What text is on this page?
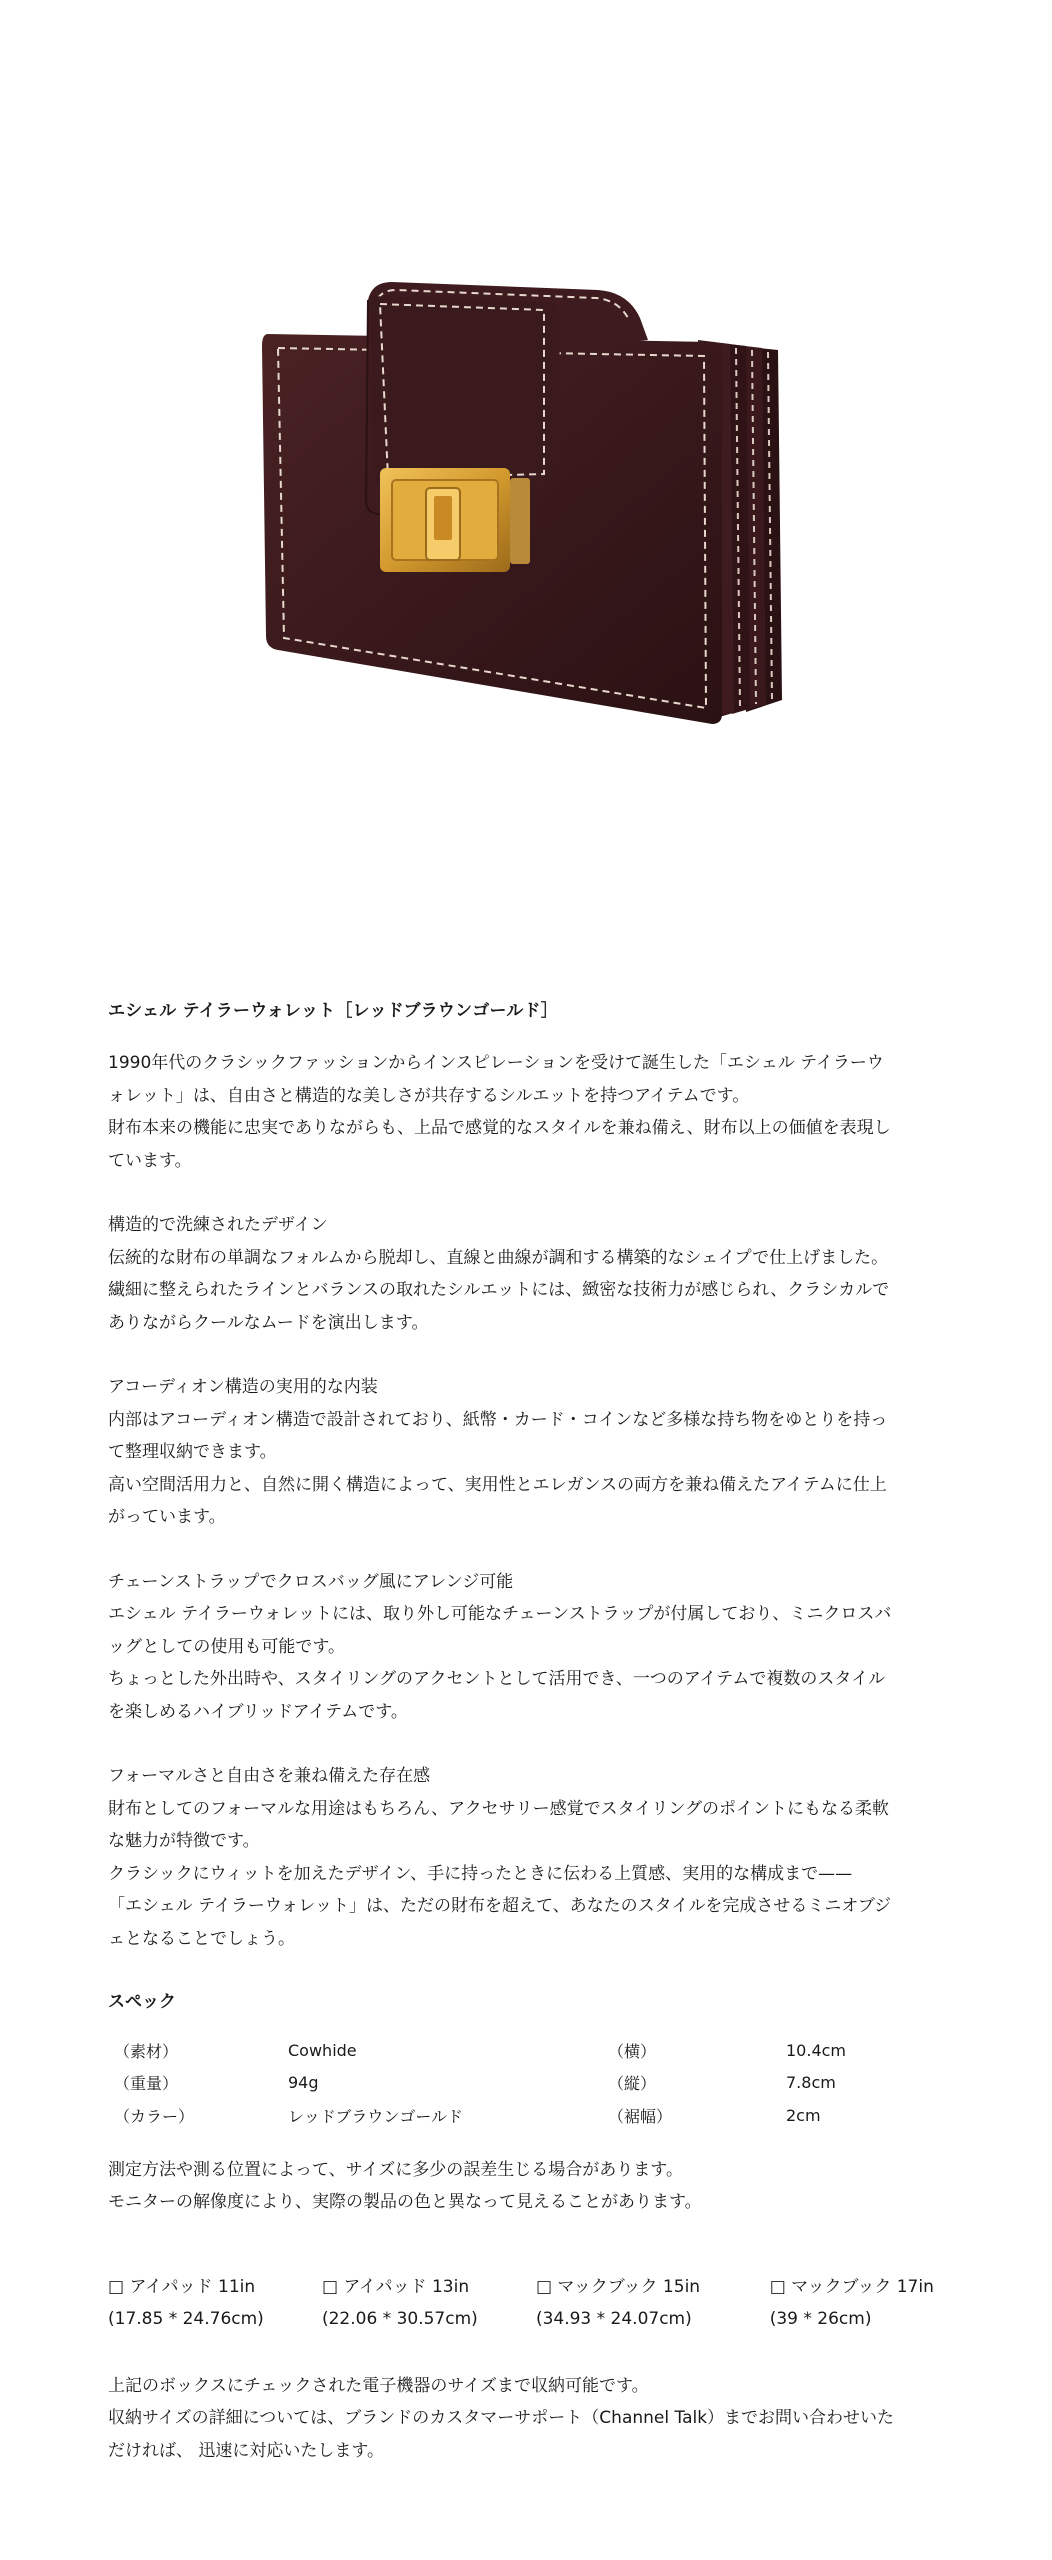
エシェル テイラーウォレット［レッドブラウンゴールド］

1990年代のクラシックファッションからインスピレーションを受けて誕生した「エシェル テイラーウ

ォレット」は、自由さと構造的な美しさが共存するシルエットを持つアイテムです。

財布本来の機能に忠実でありながらも、上品で感覚的なスタイルを兼ね備え、財布以上の価値を表現し

ています。

構造的で洗練されたデザイン

伝統的な財布の単調なフォルムから脱却し、直線と曲線が調和する構築的なシェイプで仕上げました。

繊細に整えられたラインとバランスの取れたシルエットには、緻密な技術力が感じられ、クラシカルで

ありながらクールなムードを演出します。

アコーディオン構造の実用的な内装

内部はアコーディオン構造で設計されており、紙幣・カード・コインなど多様な持ち物をゆとりを持っ

て整理収納できます。

高い空間活用力と、自然に開く構造によって、実用性とエレガンスの両方を兼ね備えたアイテムに仕上

がっています。

チェーンストラップでクロスバッグ風にアレンジ可能

エシェル テイラーウォレットには、取り外し可能なチェーンストラップが付属しており、ミニクロスバ

ッグとしての使用も可能です。

ちょっとした外出時や、スタイリングのアクセントとして活用でき、一つのアイテムで複数のスタイル

を楽しめるハイブリッドアイテムです。

フォーマルさと自由さを兼ね備えた存在感

財布としてのフォーマルな用途はもちろん、アクセサリー感覚でスタイリングのポイントにもなる柔軟

な魅力が特徴です。

クラシックにウィットを加えたデザイン、手に持ったときに伝わる上質感、実用的な構成まで——

「エシェル テイラーウォレット」は、ただの財布を超えて、あなたのスタイルを完成させるミニオブジ

ェとなることでしょう。

スペック

（素材）	Cowhide	（横）	10.4cm
（重量）	94g	（縦）	7.8cm
（カラー）	レッドブラウンゴールド	（裾幅）	2cm

測定方法や測る位置によって、サイズに多少の誤差生じる場合があります。

モニターの解像度により、実際の製品の色と異なって見えることがあります。

□ アイパッド 11in
(17.85 * 24.76cm)
□ アイパッド 13in
(22.06 * 30.57cm)
□ マックブック 15in
(34.93 * 24.07cm)
□ マックブック 17in
(39 * 26cm)

上記のボックスにチェックされた電子機器のサイズまで収納可能です。

収納サイズの詳細については、ブランドのカスタマーサポート（Channel Talk）までお問い合わせいた

だければ、 迅速に対応いたします。
